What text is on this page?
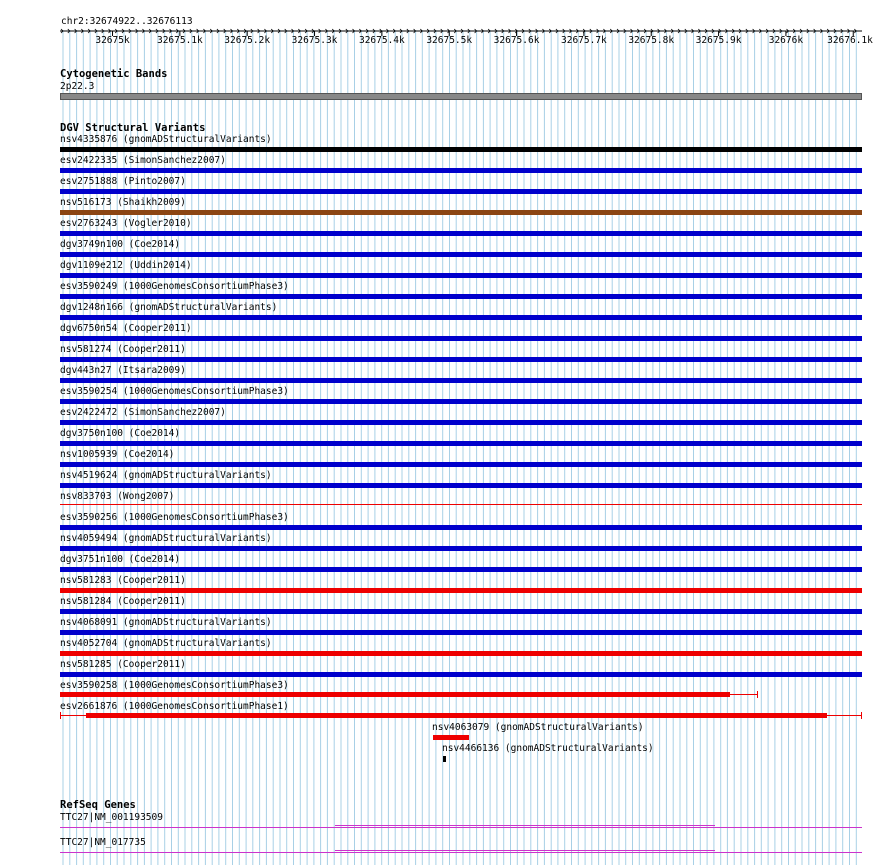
chr2:32674922..32676113
32675k	32675.1k 32675.2k 32675.3k 32675.4k 32675.5k 32675.6k 32675.7k 32675.8k 32675.9k	32676k	32676.1k
Cytogenetic Bands
2p22.3
DGV Structural Variants
nsv4335876 (gnomADStructuralVariants)
esv2422335 (SimonSanchez2007)
esv2751888 (Pinto2007)
nsv516173 (Shaikh2009)
esv2763243 (Vogler2010)
dgv3749n100 (Coe2014)
dgv1109e212 (Uddin2014)
esv3590249 (1000GenomesConsortiumPhase3)
dgv1248n166 (gnomADStructuralVariants)
dgv6750n54 (Cooper2011)
nsv581274 (Cooper2011)
dgv443n27 (Itsara2009)
esv3590254 (1000GenomesConsortiumPhase3)
esv2422472 (SimonSanchez2007)
dgv3750n100 (Coe2014)
nsv1005939 (Coe2014)
nsv4519624 (gnomADStructuralVariants)
nsv833703 (Wong2007)
esv3590256 (1000GenomesConsortiumPhase3)
nsv4059494 (gnomADStructuralVariants)
dgv3751n100 (Coe2014)
nsv581283 (Cooper2011)
nsv581284 (Cooper2011)
nsv4068091 (gnomADStructuralVariants)
nsv4052704 (gnomADStructuralVariants)
nsv581285 (Cooper2011)
esv3590258 (1000GenomesConsortiumPhase3)
esv2661876 (1000GenomesConsortiumPhase1)
nsv4063079 (gnomADStructuralVariants)
nsv4466136 (gnomADStructuralVariants)
RefSeq Genes
TTC27|NM_001193509
TTC27|NM_017735
